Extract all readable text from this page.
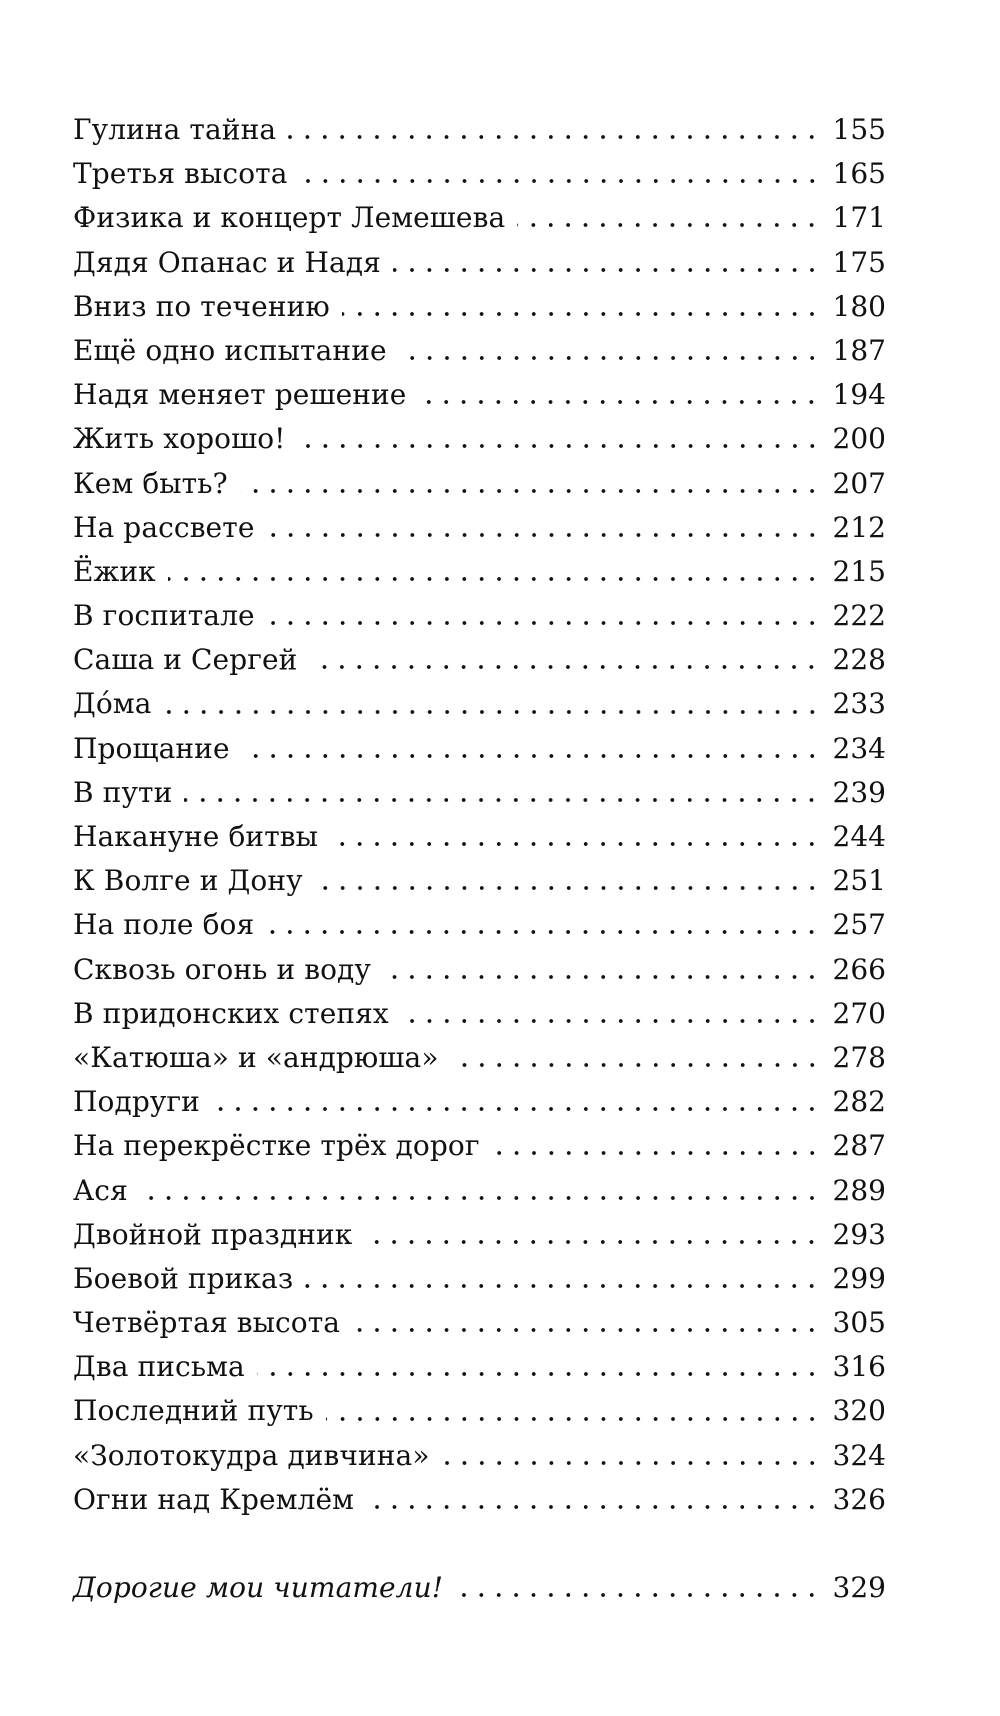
Гулина тайна	155
Третья высота	165
Физика и концерт Лемешева	171
Дядя Опанас и Надя	175
Вниз по течению	180
Ещё одно испытание	187
Надя меняет решение	194
Жить хорошо!	200
Кем быть?	207
На рассвете	212
Ёжик	215
В госпитале	222
Саша и Сергей	228
До́ма	233
Прощание	234
В пути	239
Накануне битвы	244
К Волге и Дону	251
На поле боя	257
Сквозь огонь и воду	266
В придонских степях	270
«Катюша» и «андрюша»	278
Подруги	282
На перекрёстке трёх дорог	287
Ася	289
Двойной праздник	293
Боевой приказ	299
Четвёртая высота	305
Два письма	316
Последний путь	320
«Золотокудра дивчина»	324
Огни над Кремлём	326
Дорогие мои читатели!	329
